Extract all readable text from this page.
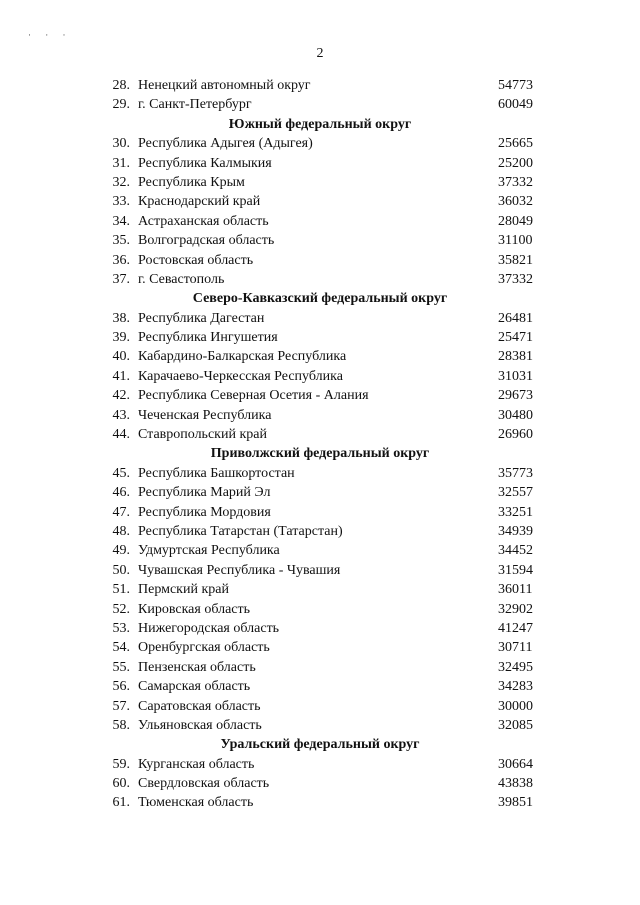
· · ·
2
28. Ненецкий автономный округ	54773
29. г. Санкт-Петербург	60049
Южный федеральный округ
30. Республика Адыгея (Адыгея)	25665
31. Республика Калмыкия	25200
32. Республика Крым	37332
33. Краснодарский край	36032
34. Астраханская область	28049
35. Волгоградская область	31100
36. Ростовская область	35821
37. г. Севастополь	37332
Северо-Кавказский федеральный округ
38. Республика Дагестан	26481
39. Республика Ингушетия	25471
40. Кабардино-Балкарская Республика	28381
41. Карачаево-Черкесская Республика	31031
42. Республика Северная Осетия - Алания	29673
43. Чеченская Республика	30480
44. Ставропольский край	26960
Приволжский федеральный округ
45. Республика Башкортостан	35773
46. Республика Марий Эл	32557
47. Республика Мордовия	33251
48. Республика Татарстан (Татарстан)	34939
49. Удмуртская Республика	34452
50. Чувашская Республика - Чувашия	31594
51. Пермский край	36011
52. Кировская область	32902
53. Нижегородская область	41247
54. Оренбургская область	30711
55. Пензенская область	32495
56. Самарская область	34283
57. Саратовская область	30000
58. Ульяновская область	32085
Уральский федеральный округ
59. Курганская область	30664
60. Свердловская область	43838
61. Тюменская область	39851
